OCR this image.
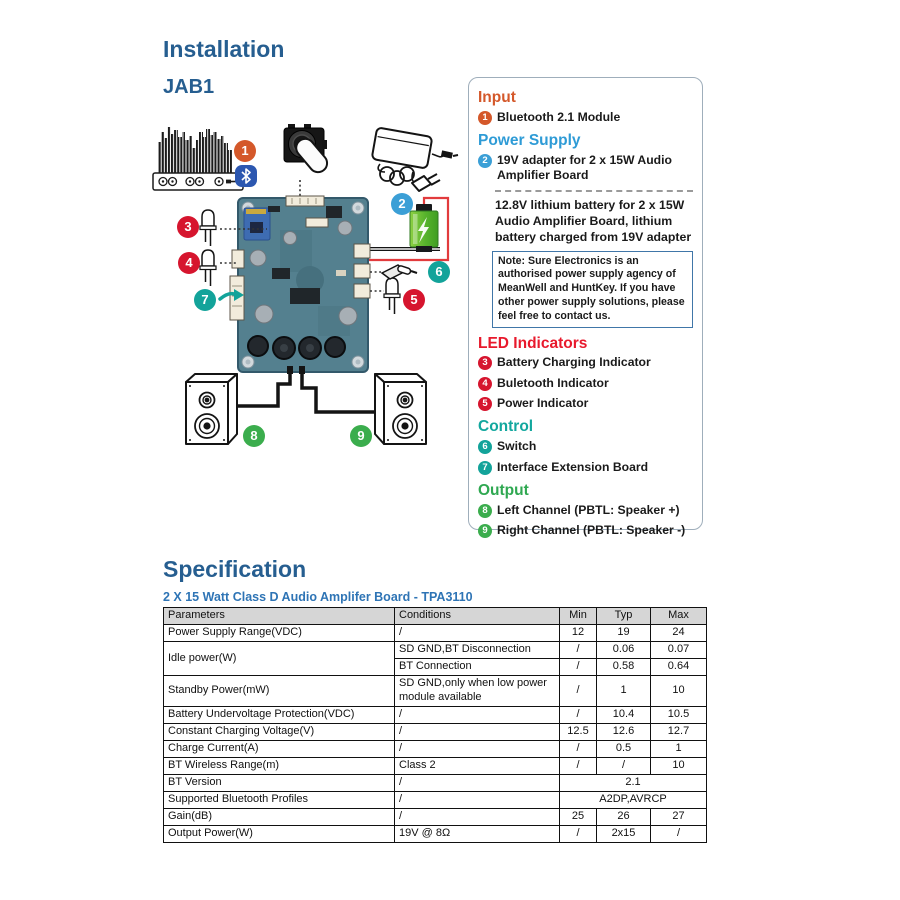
Installation
JAB1
1
2
3
4
5
6
7
8	9
Input
1 Bluetooth 2.1 Module
Power Supply
2 19V adapter for 2 x 15W Audio Amplifier Board

12.8V lithium battery for 2 x 15W Audio Amplifier Board, lithium battery charged from 19V adapter

Note: Sure Electronics is an authorised power supply agency of MeanWell and HuntKey. If you have other power supply solutions, please feel free to contact us.
LED Indicators
3 Battery Charging Indicator
4 Buletooth Indicator
5 Power Indicator
Control
6 Switch
7 Interface Extension Board
Output
8 Left Channel (PBTL: Speaker +)
9 Right Channel (PBTL: Speaker -)
Specification
2 X 15 Watt Class D Audio Amplifer Board - TPA3110
Parameters	Conditions	Min	Typ	Max
Power Supply Range(VDC)	/	12	19	24
Idle power(W)	SD GND,BT Disconnection	/	0.06	0.07
	BT Connection	/	0.58	0.64
Standby Power(mW)	SD GND,only when low power module available	/	1	10
Battery Undervoltage Protection(VDC)	/	/	10.4	10.5
Constant Charging Voltage(V)	/	12.5	12.6	12.7
Charge Current(A)	/	/	0.5	1
BT Wireless Range(m)	Class 2	/	/	10
BT Version	/	2.1		
Supported Bluetooth Profiles	/	A2DP,AVRCP		
Gain(dB)	/	25	26	27
Output Power(W)	19V @ 8Ω	/	2x15	/
